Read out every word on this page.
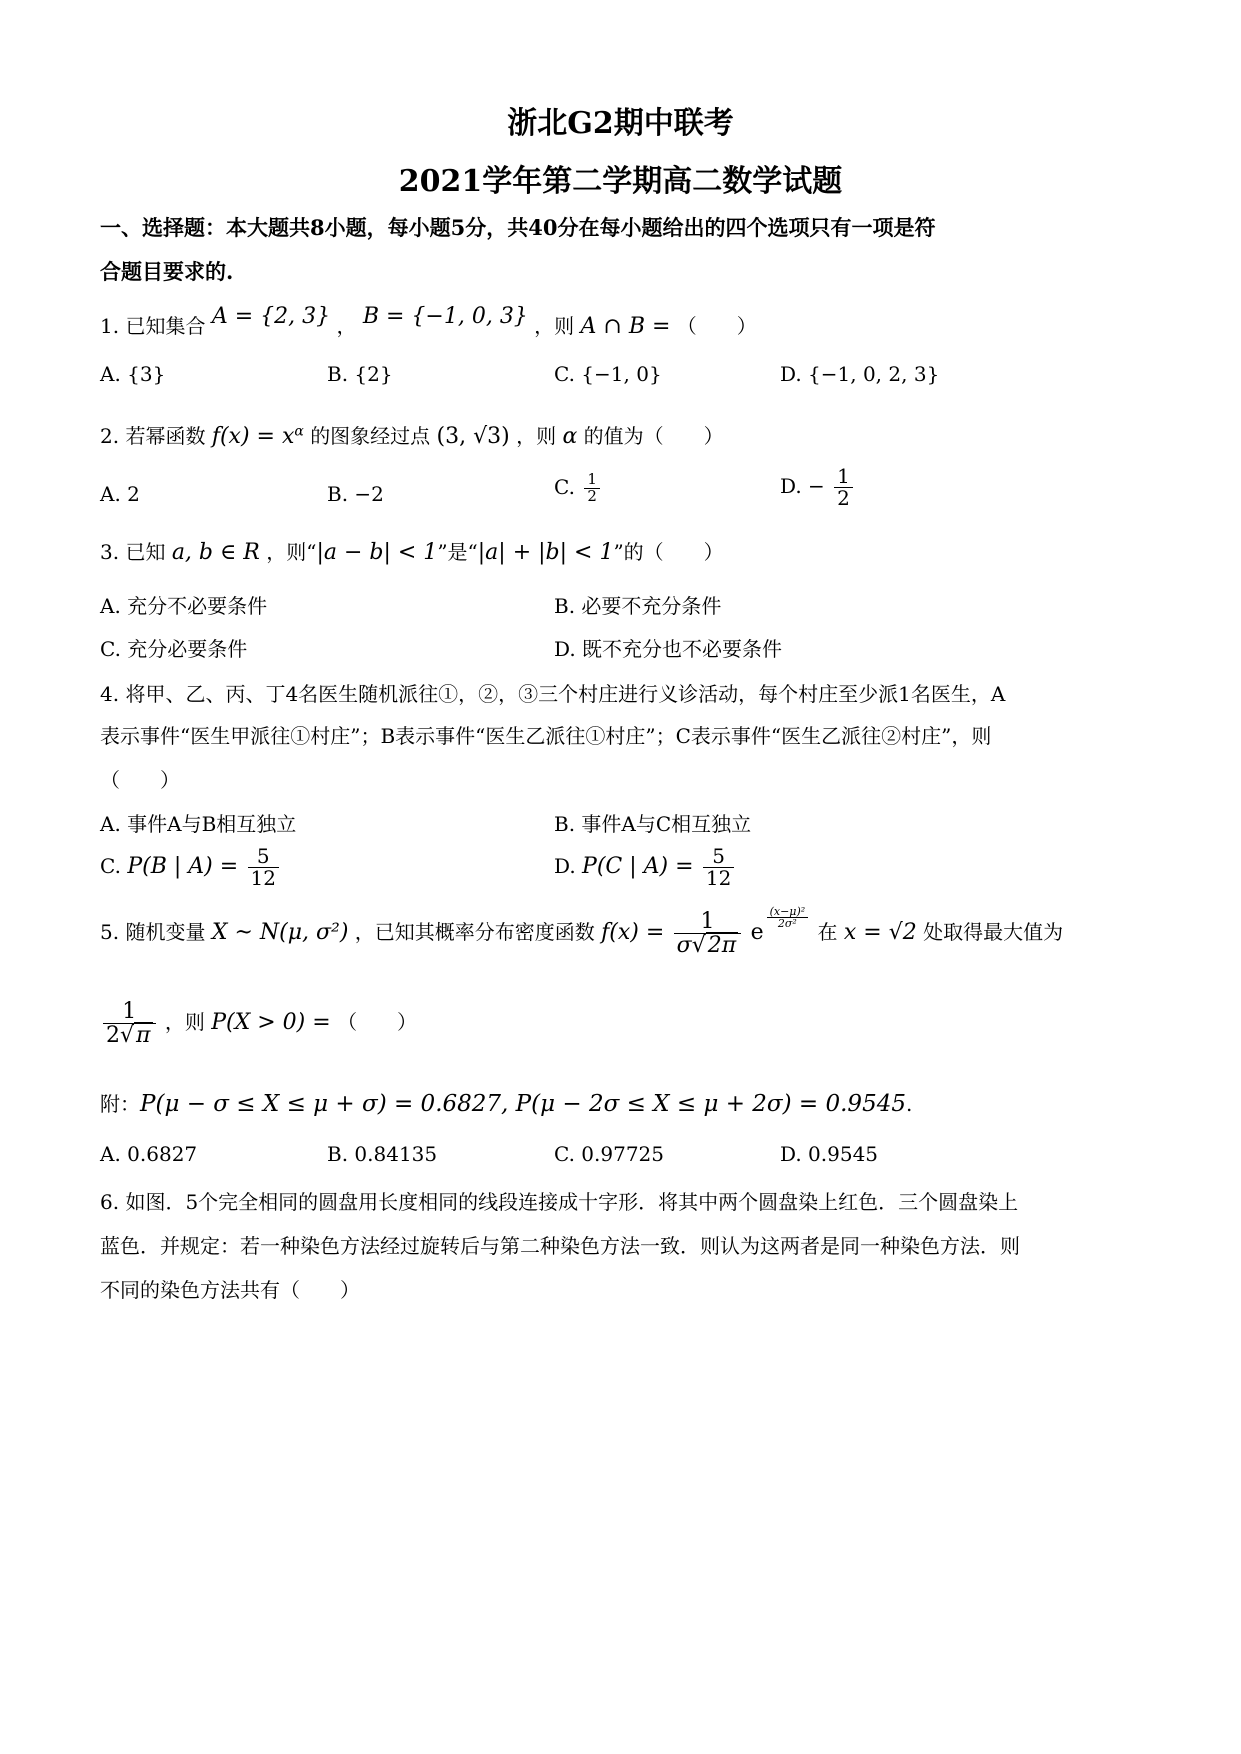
浙北G2期中联考
2021学年第二学期高二数学试题
一、选择题：本大题共8小题，每小题5分，共40分在每小题给出的四个选项只有一项是符
合题目要求的.
1. 已知集合 A = {2, 3} ， B = {−1, 0, 3} ，则 A ∩ B = （　　）
A. {3}	B. {2}	C. {−1, 0}	D. {−1, 0, 2, 3}
2. 若幂函数 $f(x) = x^\alpha$ 的图象经过点 (3, √3) ，则 α 的值为（　　）
A. 2	B. −2	C. $\frac{1}{2}$	D. − $\frac{1}{2}$
3. 已知 a, b ∈ R ，则“|a − b| < 1”是“|a| + |b| < 1”的（　　）
A. 充分不必要条件	B. 必要不充分条件
C. 充分必要条件	D. 既不充分也不必要条件
4. 将甲、乙、丙、丁4名医生随机派往①，②，③三个村庄进行义诊活动，每个村庄至少派1名医生，A
表示事件“医生甲派往①村庄”；B表示事件“医生乙派往①村庄”；C表示事件“医生乙派往②村庄”，则
（　　）
A. 事件A与B相互独立	B. 事件A与C相互独立
C. P(B | $A) = \frac{5}{12}$	D. P(C | $A) = \frac{5}{12}$
5. 随机变量 X ~ N(μ, σ²) ，已知其概率分布密度函数 $f(x) = \frac{1}{\sigma√2\pi}$ e
$\frac{\text{(x−μ)²}}{\text{2σ²}}$
在 x = √2 处取得最大值为
$\frac{1}{2√\pi}$ ，则 P(X > 0) = （　　）
附：P(μ − σ ≤ X ≤ μ + σ) = 0.6827, P(μ − 2σ ≤ X ≤ μ + 2σ) = 0.9545.
A. 0.6827	B. 0.84135	C. 0.97725	D. 0.9545
6. 如图．5个完全相同的圆盘用长度相同的线段连接成十字形．将其中两个圆盘染上红色．三个圆盘染上
蓝色．并规定：若一种染色方法经过旋转后与第二种染色方法一致．则认为这两者是同一种染色方法．则
不同的染色方法共有（　　）
